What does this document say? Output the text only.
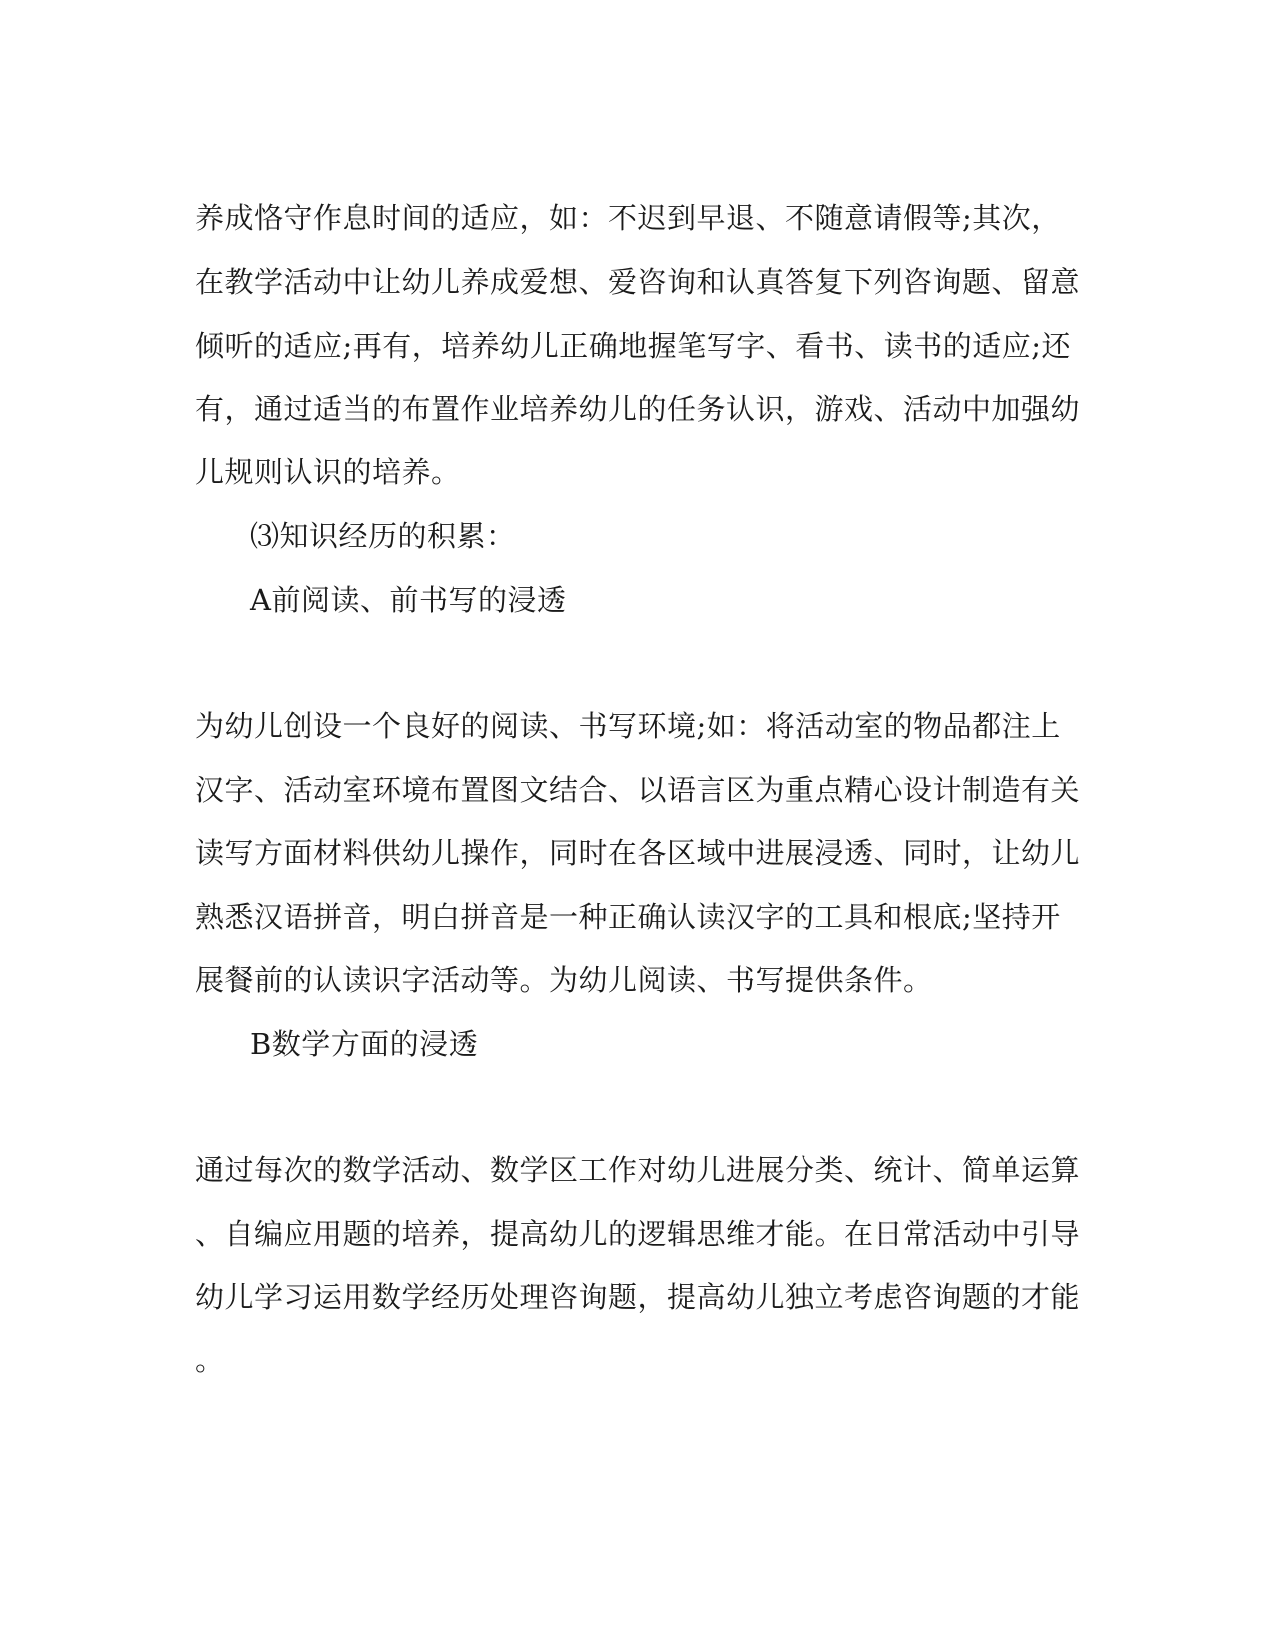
养成恪守作息时间的适应，如：不迟到早退、不随意请假等;其次，
在教学活动中让幼儿养成爱想、爱咨询和认真答复下列咨询题、留意
倾听的适应;再有，培养幼儿正确地握笔写字、看书、读书的适应;还
有，通过适当的布置作业培养幼儿的任务认识，游戏、活动中加强幼
儿规则认识的培养。
⑶知识经历的积累：
A前阅读、前书写的浸透
为幼儿创设一个良好的阅读、书写环境;如：将活动室的物品都注上
汉字、活动室环境布置图文结合、以语言区为重点精心设计制造有关
读写方面材料供幼儿操作，同时在各区域中进展浸透、同时，让幼儿
熟悉汉语拼音，明白拼音是一种正确认读汉字的工具和根底;坚持开
展餐前的认读识字活动等。为幼儿阅读、书写提供条件。
B数学方面的浸透
通过每次的数学活动、数学区工作对幼儿进展分类、统计、简单运算
、自编应用题的培养，提高幼儿的逻辑思维才能。在日常活动中引导
幼儿学习运用数学经历处理咨询题，提高幼儿独立考虑咨询题的才能
。
